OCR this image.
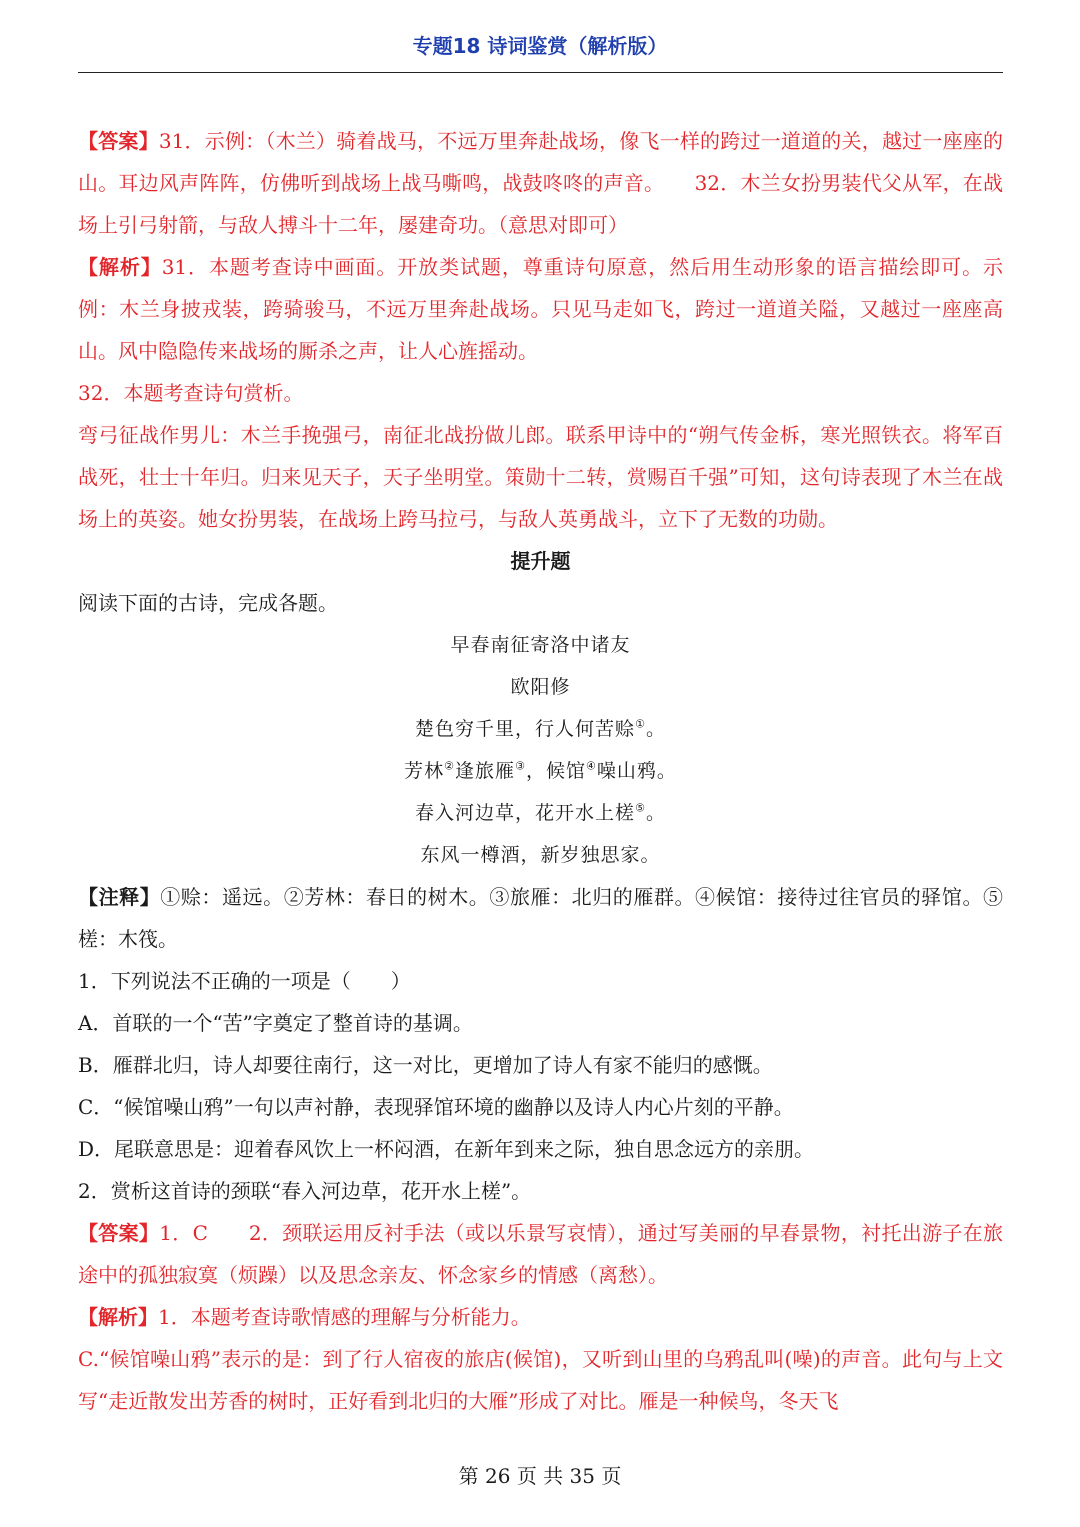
专题18 诗词鉴赏（解析版）

【答案】31．示例：（木兰）骑着战马，不远万里奔赴战场，像飞一样的跨过一道道的关，越过一座座的山。耳边风声阵阵，仿佛听到战场上战马嘶鸣，战鼓咚咚的声音。　　32．木兰女扮男装代父从军，在战场上引弓射箭，与敌人搏斗十二年，屡建奇功。（意思对即可）

【解析】31．本题考查诗中画面。开放类试题，尊重诗句原意，然后用生动形象的语言描绘即可。示例：木兰身披戎装，跨骑骏马，不远万里奔赴战场。只见马走如飞，跨过一道道关隘，又越过一座座高山。风中隐隐传来战场的厮杀之声，让人心旌摇动。

32．本题考查诗句赏析。

弯弓征战作男儿：木兰手挽强弓，南征北战扮做儿郎。联系甲诗中的“朔气传金柝，寒光照铁衣。将军百战死，壮士十年归。归来见天子，天子坐明堂。策勋十二转，赏赐百千强”可知，这句诗表现了木兰在战场上的英姿。她女扮男装，在战场上跨马拉弓，与敌人英勇战斗，立下了无数的功勋。

提升题

阅读下面的古诗，完成各题。

早春南征寄洛中诸友

欧阳修

楚色穷千里，行人何苦赊①。

芳林②逢旅雁③，候馆④噪山鸦。

春入河边草，花开水上槎⑤。

东风一樽酒，新岁独思家。

【注释】①赊：遥远。②芳林：春日的树木。③旅雁：北归的雁群。④候馆：接待过往官员的驿馆。⑤槎：木筏。

1．下列说法不正确的一项是（　　）

A．首联的一个“苦”字奠定了整首诗的基调。

B．雁群北归，诗人却要往南行，这一对比，更增加了诗人有家不能归的感慨。

C．“候馆噪山鸦”一句以声衬静，表现驿馆环境的幽静以及诗人内心片刻的平静。

D．尾联意思是：迎着春风饮上一杯闷酒，在新年到来之际，独自思念远方的亲朋。

2．赏析这首诗的颈联“春入河边草，花开水上槎”。

【答案】1．C　　2．颈联运用反衬手法（或以乐景写哀情），通过写美丽的早春景物，衬托出游子在旅途中的孤独寂寞（烦躁）以及思念亲友、怀念家乡的情感（离愁）。

【解析】1．本题考查诗歌情感的理解与分析能力。

C.“候馆噪山鸦”表示的是：到了行人宿夜的旅店(候馆)，又听到山里的乌鸦乱叫(噪)的声音。此句与上文写“走近散发出芳香的树时，正好看到北归的大雁”形成了对比。雁是一种候鸟，冬天飞

第 26 页 共 35 页
